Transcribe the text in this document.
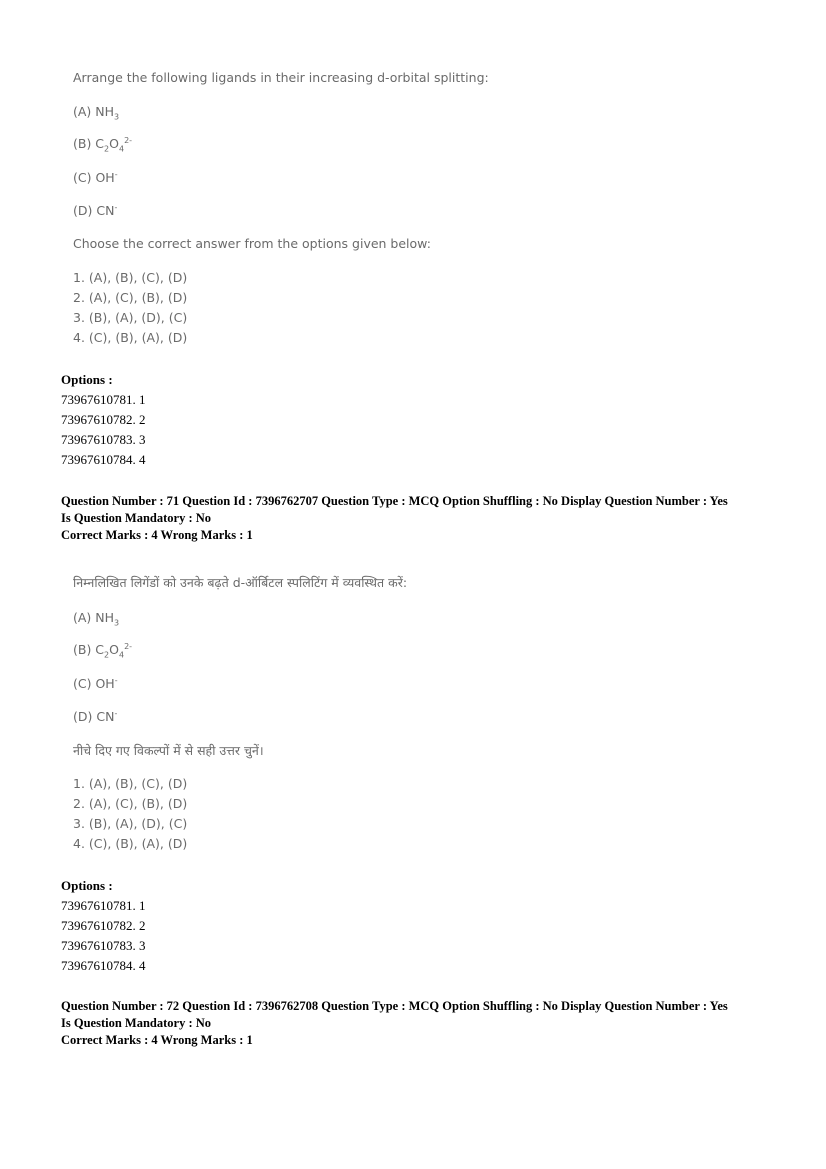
Arrange the following ligands in their increasing d-orbital splitting:
(A) $NH_3$
(B) $C_2O_4^{2-}$
(C) OH-
(D) CN-
Choose the correct answer from the options given below:
1. (A), (B), (C), (D)
2. (A), (C), (B), (D)
3. (B), (A), (D), (C)
4. (C), (B), (A), (D)
Options :
73967610781. 1
73967610782. 2
73967610783. 3
73967610784. 4
Question Number : 71 Question Id : 7396762707 Question Type : MCQ Option Shuffling : No Display Question Number : Yes
Is Question Mandatory : No
Correct Marks : 4 Wrong Marks : 1
निम्नलिखित लिगेंडों को उनके बढ़ते d-ऑर्बिटल स्पलिटिंग में व्यवस्थित करें:
(A) $NH_3$
(B) $C_2O_4^{2-}$
(C) OH-
(D) CN-
नीचे दिए गए विकल्पों में से सही उत्तर चुनें।
1. (A), (B), (C), (D)
2. (A), (C), (B), (D)
3. (B), (A), (D), (C)
4. (C), (B), (A), (D)
Options :
73967610781. 1
73967610782. 2
73967610783. 3
73967610784. 4
Question Number : 72 Question Id : 7396762708 Question Type : MCQ Option Shuffling : No Display Question Number : Yes
Is Question Mandatory : No
Correct Marks : 4 Wrong Marks : 1
